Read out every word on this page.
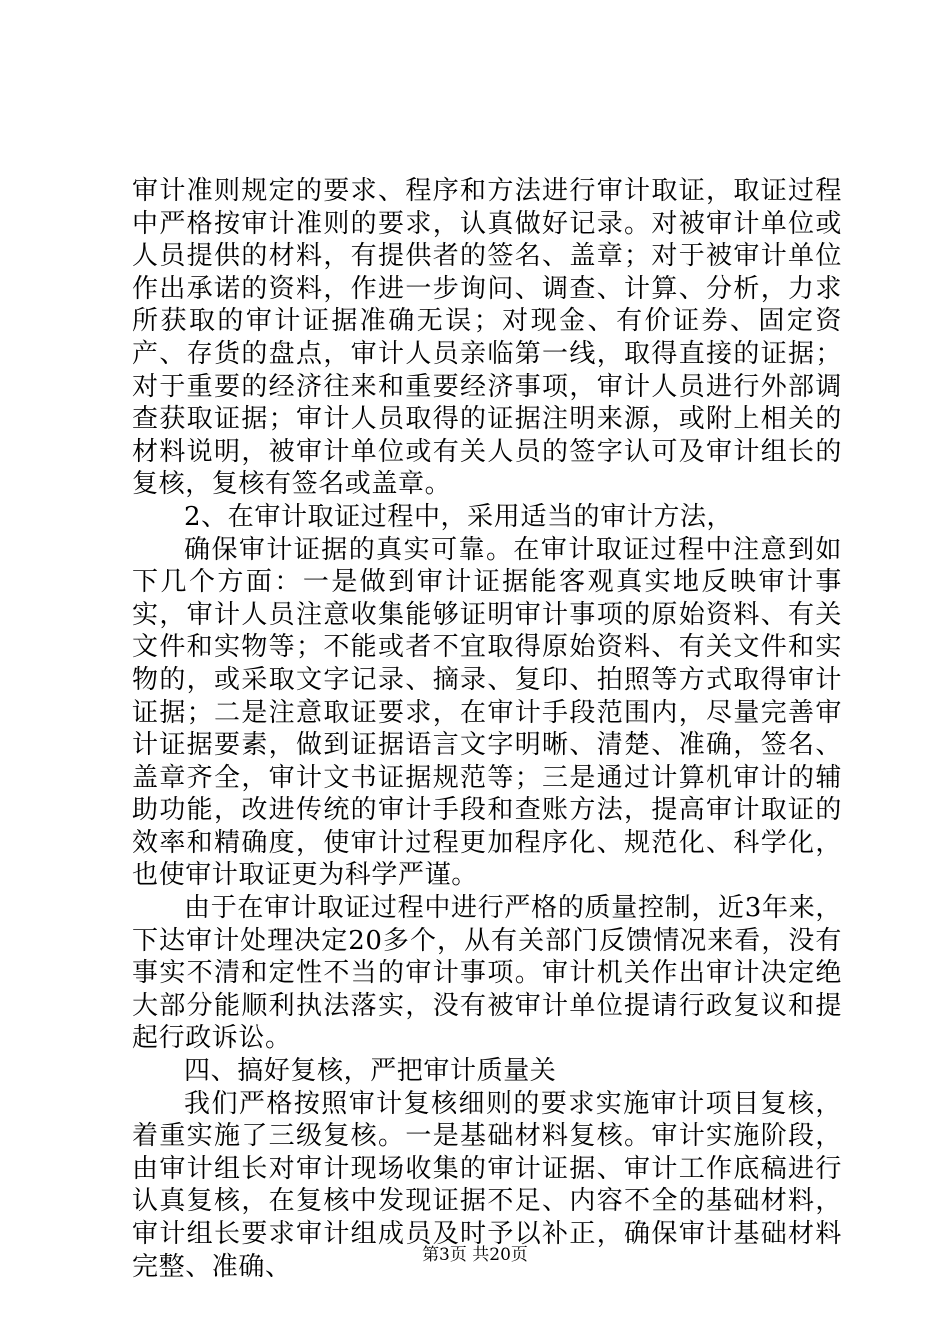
审计准则规定的要求、程序和方法进行审计取证，取证过程中严格按审计准则的要求，认真做好记录。对被审计单位或人员提供的材料，有提供者的签名、盖章；对于被审计单位作出承诺的资料，作进一步询问、调查、计算、分析，力求所获取的审计证据准确无误；对现金、有价证券、固定资产、存货的盘点，审计人员亲临第一线，取得直接的证据；对于重要的经济往来和重要经济事项，审计人员进行外部调查获取证据；审计人员取得的证据注明来源，或附上相关的材料说明，被审计单位或有关人员的签字认可及审计组长的复核，复核有签名或盖章。

2、在审计取证过程中，采用适当的审计方法，

确保审计证据的真实可靠。在审计取证过程中注意到如下几个方面：一是做到审计证据能客观真实地反映审计事实，审计人员注意收集能够证明审计事项的原始资料、有关文件和实物等；不能或者不宜取得原始资料、有关文件和实物的，或采取文字记录、摘录、复印、拍照等方式取得审计证据；二是注意取证要求，在审计手段范围内，尽量完善审计证据要素，做到证据语言文字明晰、清楚、准确，签名、盖章齐全，审计文书证据规范等；三是通过计算机审计的辅助功能，改进传统的审计手段和查账方法，提高审计取证的效率和精确度，使审计过程更加程序化、规范化、科学化，也使审计取证更为科学严谨。

由于在审计取证过程中进行严格的质量控制，近3年来，下达审计处理决定20多个，从有关部门反馈情况来看，没有事实不清和定性不当的审计事项。审计机关作出审计决定绝大部分能顺利执法落实，没有被审计单位提请行政复议和提起行政诉讼。

四、搞好复核，严把审计质量关

我们严格按照审计复核细则的要求实施审计项目复核，着重实施了三级复核。一是基础材料复核。审计实施阶段，由审计组长对审计现场收集的审计证据、审计工作底稿进行认真复核，在复核中发现证据不足、内容不全的基础材料，审计组长要求审计组成员及时予以补正，确保审计基础材料完整、准确、	第3页 共20页
